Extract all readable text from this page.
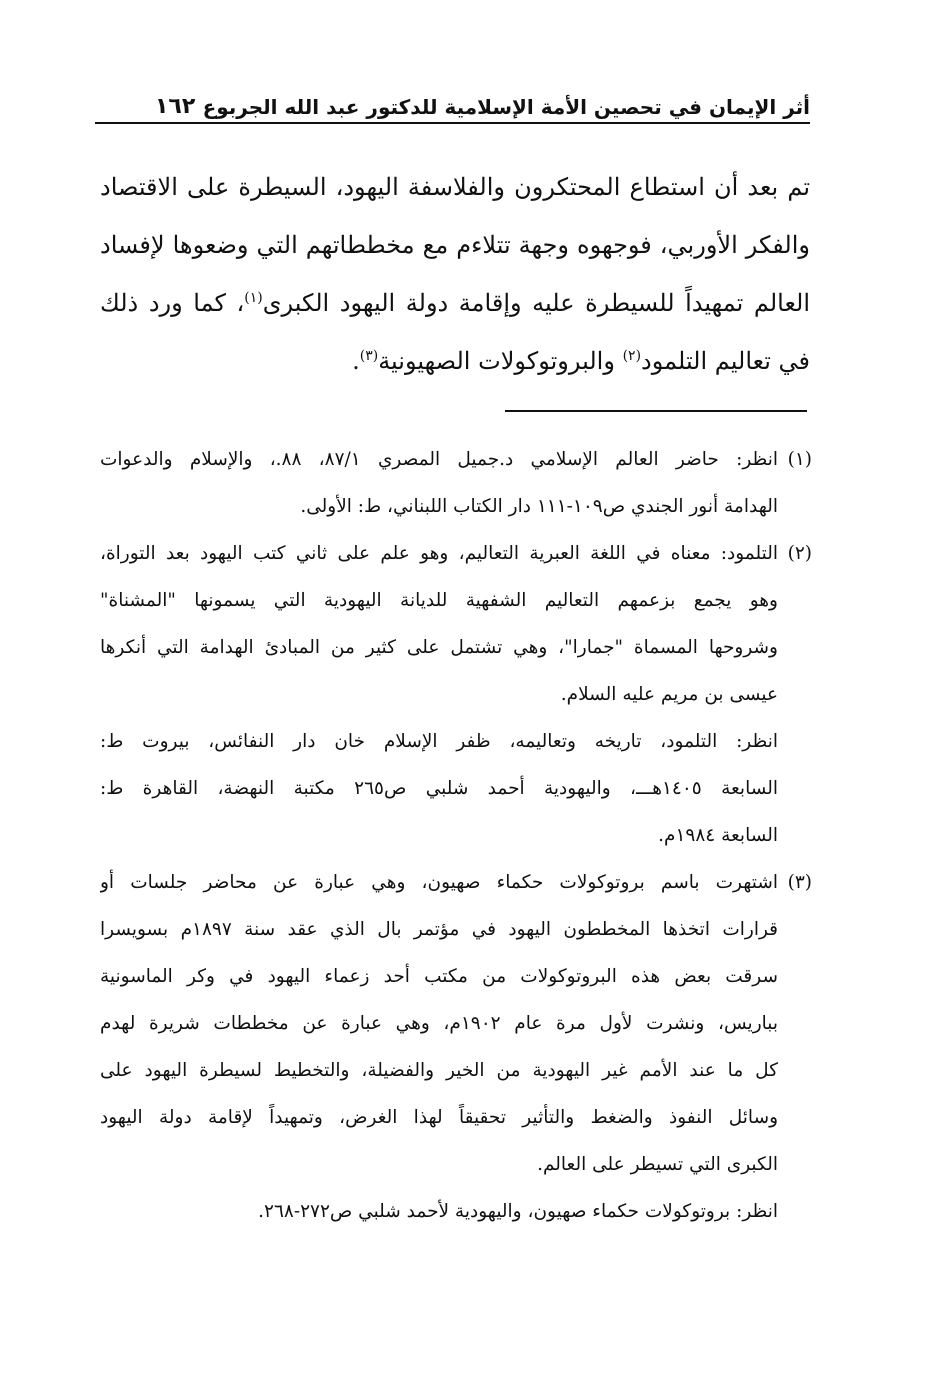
أثر الإيمان في تحصين الأمة الإسلامية للدكتور عبد الله الجربوع
١٦٢
تم بعد أن استطاع المحتكرون والفلاسفة اليهود، السيطرة على الاقتصاد
والفكر الأوربي، فوجهوه وجهة تتلاءم مع مخططاتهم التي وضعوها لإفساد
العالم تمهيداً للسيطرة عليه وإقامة دولة اليهود الكبرى$^{(١)}$، كما ورد ذلك
في تعاليم التلمود$^{(٢)}$ والبروتوكولات الصهيونية$^{(٣)}$.
(١)
انظر: حاضر العالم الإسلامي د.جميل المصري ٨٧/١، ٨٨.، والإسلام والدعوات
الهدامة أنور الجندي ص١٠٩-١١١ دار الكتاب اللبناني، ط: الأولى.
(٢)
التلمود: معناه في اللغة العبرية التعاليم، وهو علم على ثاني كتب اليهود بعد التوراة،
وهو يجمع بزعمهم التعاليم الشفهية للديانة اليهودية التي يسمونها "المشناة"
وشروحها المسماة "جمارا"، وهي تشتمل على كثير من المبادئ الهدامة التي أنكرها
عيسى بن مريم عليه السلام.
انظر: التلمود، تاريخه وتعاليمه، ظفر الإسلام خان دار النفائس، بيروت ط:
السابعة ١٤٠٥هـــ، واليهودية أحمد شلبي ص٢٦٥ مكتبة النهضة، القاهرة ط:
السابعة ١٩٨٤م.
(٣)
اشتهرت باسم بروتوكولات حكماء صهيون، وهي عبارة عن محاضر جلسات أو
قرارات اتخذها المخططون اليهود في مؤتمر بال الذي عقد سنة ١٨٩٧م بسويسرا
سرقت بعض هذه البروتوكولات من مكتب أحد زعماء اليهود في وكر الماسونية
بباريس، ونشرت لأول مرة عام ١٩٠٢م، وهي عبارة عن مخططات شريرة لهدم
كل ما عند الأمم غير اليهودية من الخير والفضيلة، والتخطيط لسيطرة اليهود على
وسائل النفوذ والضغط والتأثير تحقيقاً لهذا الغرض، وتمهيداً لإقامة دولة اليهود
الكبرى التي تسيطر على العالم.
انظر: بروتوكولات حكماء صهيون، واليهودية لأحمد شلبي ص٢٧٢-٢٦٨.
